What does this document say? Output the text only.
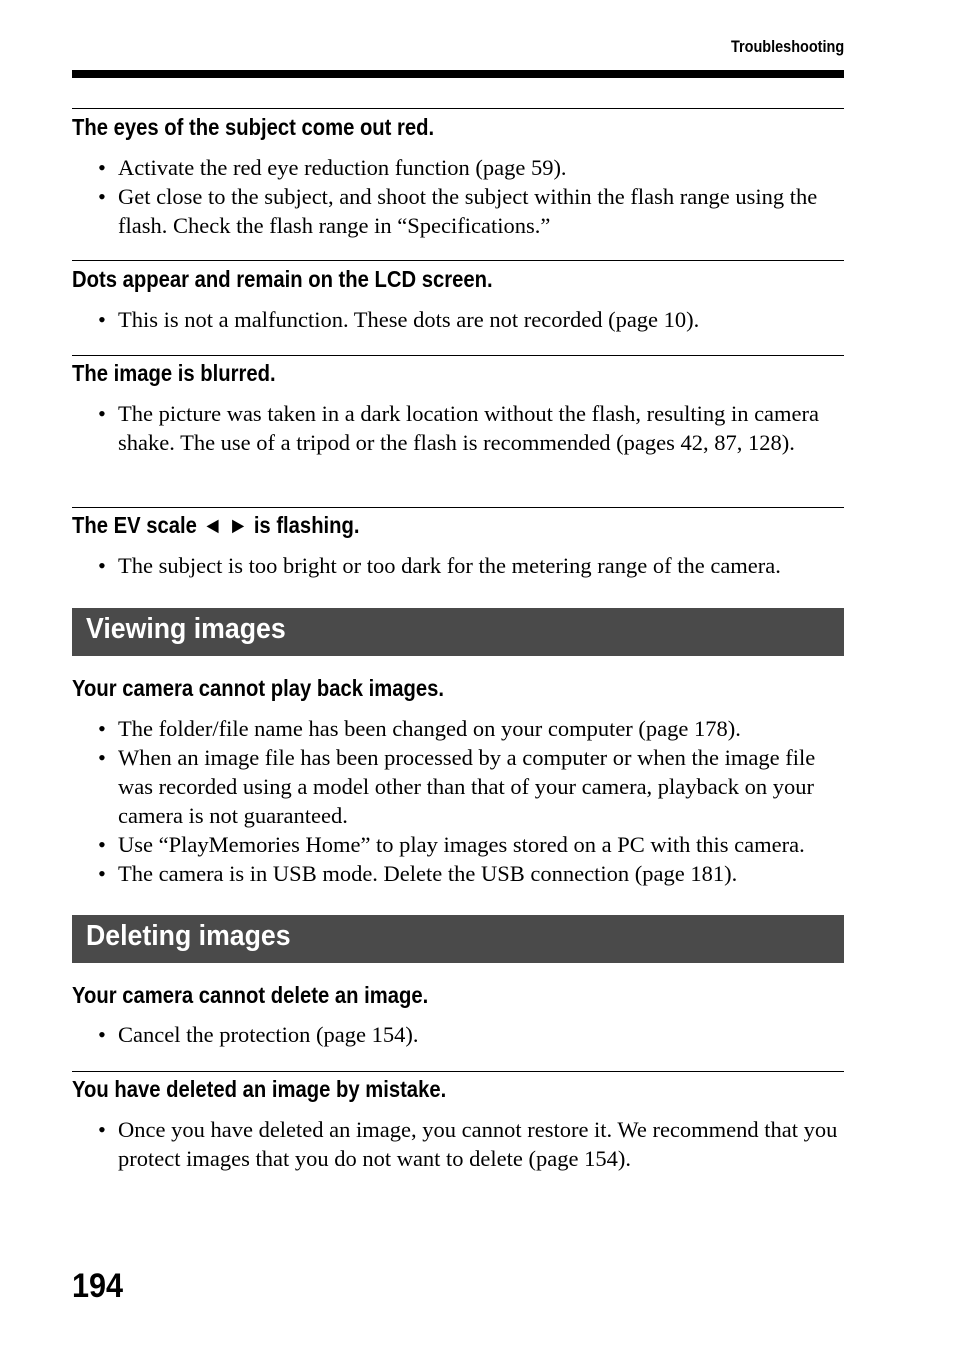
Troubleshooting
The eyes of the subject come out red.
• Activate the red eye reduction function (page 59).
• Get close to the subject, and shoot the subject within the flash range using the flash. Check the flash range in “Specifications.”
Dots appear and remain on the LCD screen.
• This is not a malfunction. These dots are not recorded (page 10).
The image is blurred.
• The picture was taken in a dark location without the flash, resulting in camera shake. The use of a tripod or the flash is recommended (pages 42, 87, 128).
The EV scale ◄ ► is flashing.
• The subject is too bright or too dark for the metering range of the camera.
Viewing images
Your camera cannot play back images.
• The folder/file name has been changed on your computer (page 178).
• When an image file has been processed by a computer or when the image file was recorded using a model other than that of your camera, playback on your camera is not guaranteed.
• Use “PlayMemories Home” to play images stored on a PC with this camera.
• The camera is in USB mode. Delete the USB connection (page 181).
Deleting images
Your camera cannot delete an image.
• Cancel the protection (page 154).
You have deleted an image by mistake.
• Once you have deleted an image, you cannot restore it. We recommend that you protect images that you do not want to delete (page 154).
194
